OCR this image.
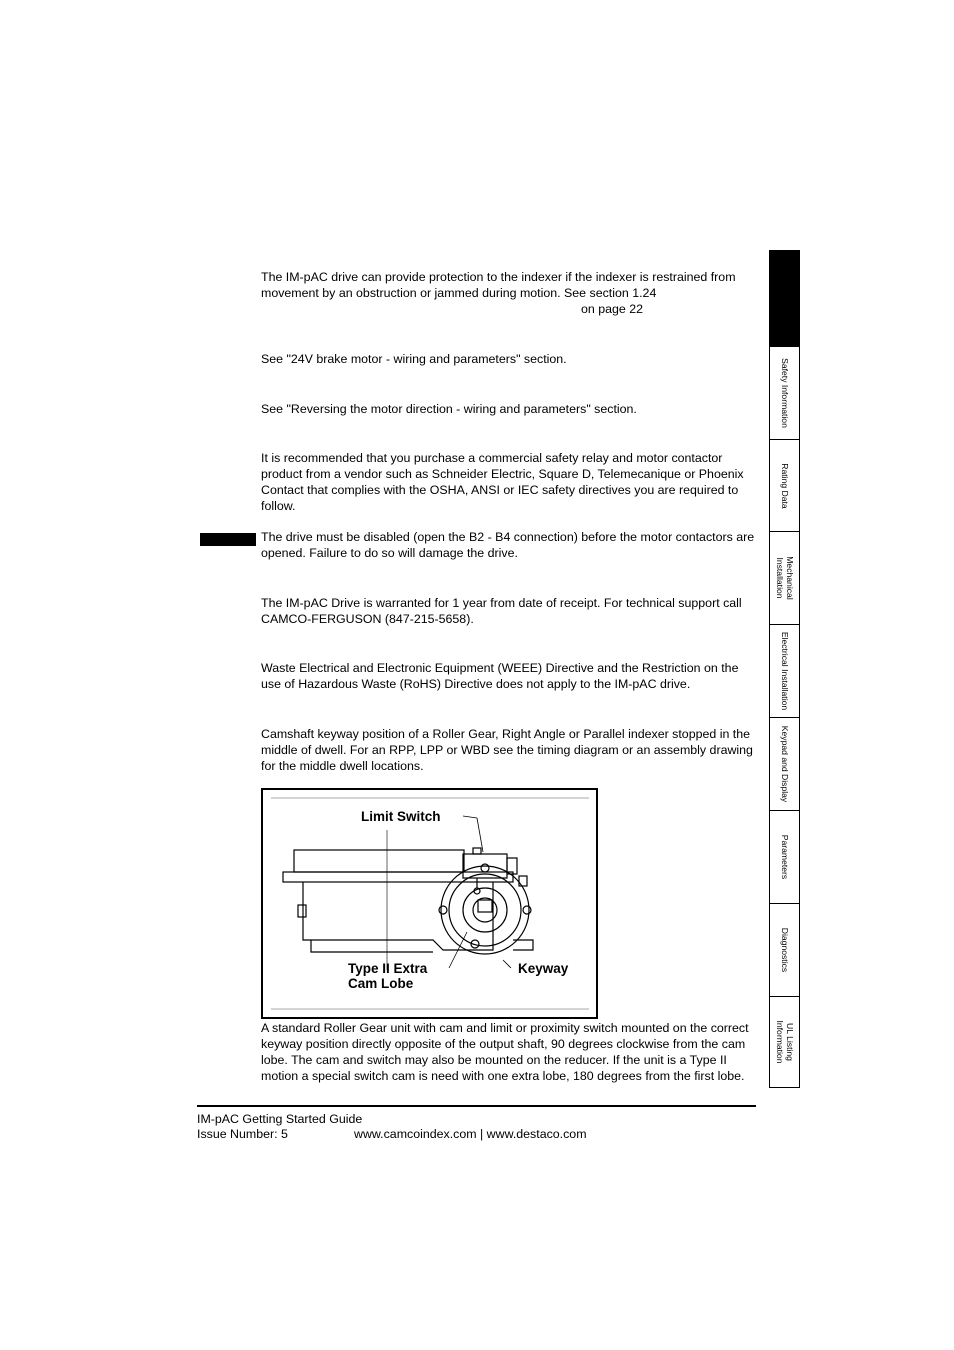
The IM-pAC drive can provide protection to the indexer if the indexer is restrained from movement by an obstruction or jammed during motion. See section 1.24
on page 22

See "24V brake motor - wiring and parameters" section.

See "Reversing the motor direction - wiring and parameters" section.

It is recommended that you purchase a commercial safety relay and motor contactor product from a vendor such as Schneider Electric, Square D, Telemecanique or Phoenix Contact that complies with the OSHA, ANSI or IEC safety directives you are required to follow.

The drive must be disabled (open the B2 - B4 connection) before the motor contactors are opened. Failure to do so will damage the drive.

The IM-pAC Drive is warranted for 1 year from date of receipt. For technical support call CAMCO-FERGUSON (847-215-5658).

Waste Electrical and Electronic Equipment (WEEE) Directive and the Restriction on the use of Hazardous Waste (RoHS) Directive does not apply to the IM-pAC drive.

Camshaft keyway position of a Roller Gear, Right Angle or Parallel indexer stopped in the middle of dwell. For an RPP, LPP or WBD see the timing diagram or an assembly drawing for the middle dwell locations.

Limit Switch
Type II Extra
Cam Lobe
Keyway

A standard Roller Gear unit with cam and limit or proximity switch mounted on the correct keyway position directly opposite of the output shaft, 90 degrees clockwise from the cam lobe. The cam and switch may also be mounted on the reducer. If the unit is a Type II motion a special switch cam is need with one extra lobe, 180 degrees from the first lobe.

Safety Information
Rating Data
Mechanical
Installation
Electrical Installation
Keypad and Display
Parameters
Diagnostics
UL Listing
Information
IM-pAC Getting Started Guide
Issue Number: 5	www.camcoindex.com | www.destaco.com
